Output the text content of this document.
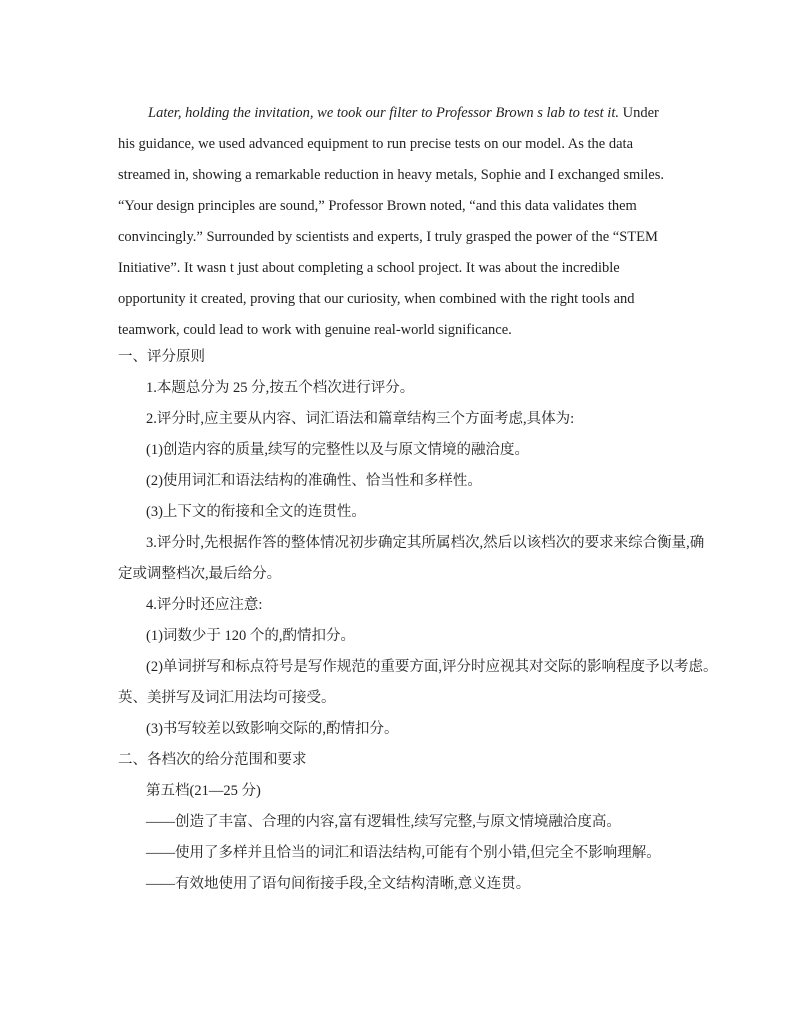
Later, holding the invitation, we took our filter to Professor Brown s lab to test it. Under his guidance, we used advanced equipment to run precise tests on our model. As the data streamed in, showing a remarkable reduction in heavy metals, Sophie and I exchanged smiles. “Your design principles are sound,” Professor Brown noted, “and this data validates them convincingly.” Surrounded by scientists and experts, I truly grasped the power of the “STEM Initiative”. It wasn t just about completing a school project. It was about the incredible opportunity it created, proving that our curiosity, when combined with the right tools and teamwork, could lead to work with genuine real-world significance.

一、评分原则
1.本题总分为 25 分,按五个档次进行评分。
2.评分时,应主要从内容、词汇语法和篇章结构三个方面考虑,具体为:
(1)创造内容的质量,续写的完整性以及与原文情境的融洽度。
(2)使用词汇和语法结构的准确性、恰当性和多样性。
(3)上下文的衔接和全文的连贯性。
3.评分时,先根据作答的整体情况初步确定其所属档次,然后以该档次的要求来综合衡量,确
定或调整档次,最后给分。
4.评分时还应注意:
(1)词数少于 120 个的,酌情扣分。
(2)单词拼写和标点符号是写作规范的重要方面,评分时应视其对交际的影响程度予以考虑。
英、美拼写及词汇用法均可接受。
(3)书写较差以致影响交际的,酌情扣分。
二、各档次的给分范围和要求
第五档(21—25 分)
——创造了丰富、合理的内容,富有逻辑性,续写完整,与原文情境融洽度高。
——使用了多样并且恰当的词汇和语法结构,可能有个别小错,但完全不影响理解。
——有效地使用了语句间衔接手段,全文结构清晰,意义连贯。
